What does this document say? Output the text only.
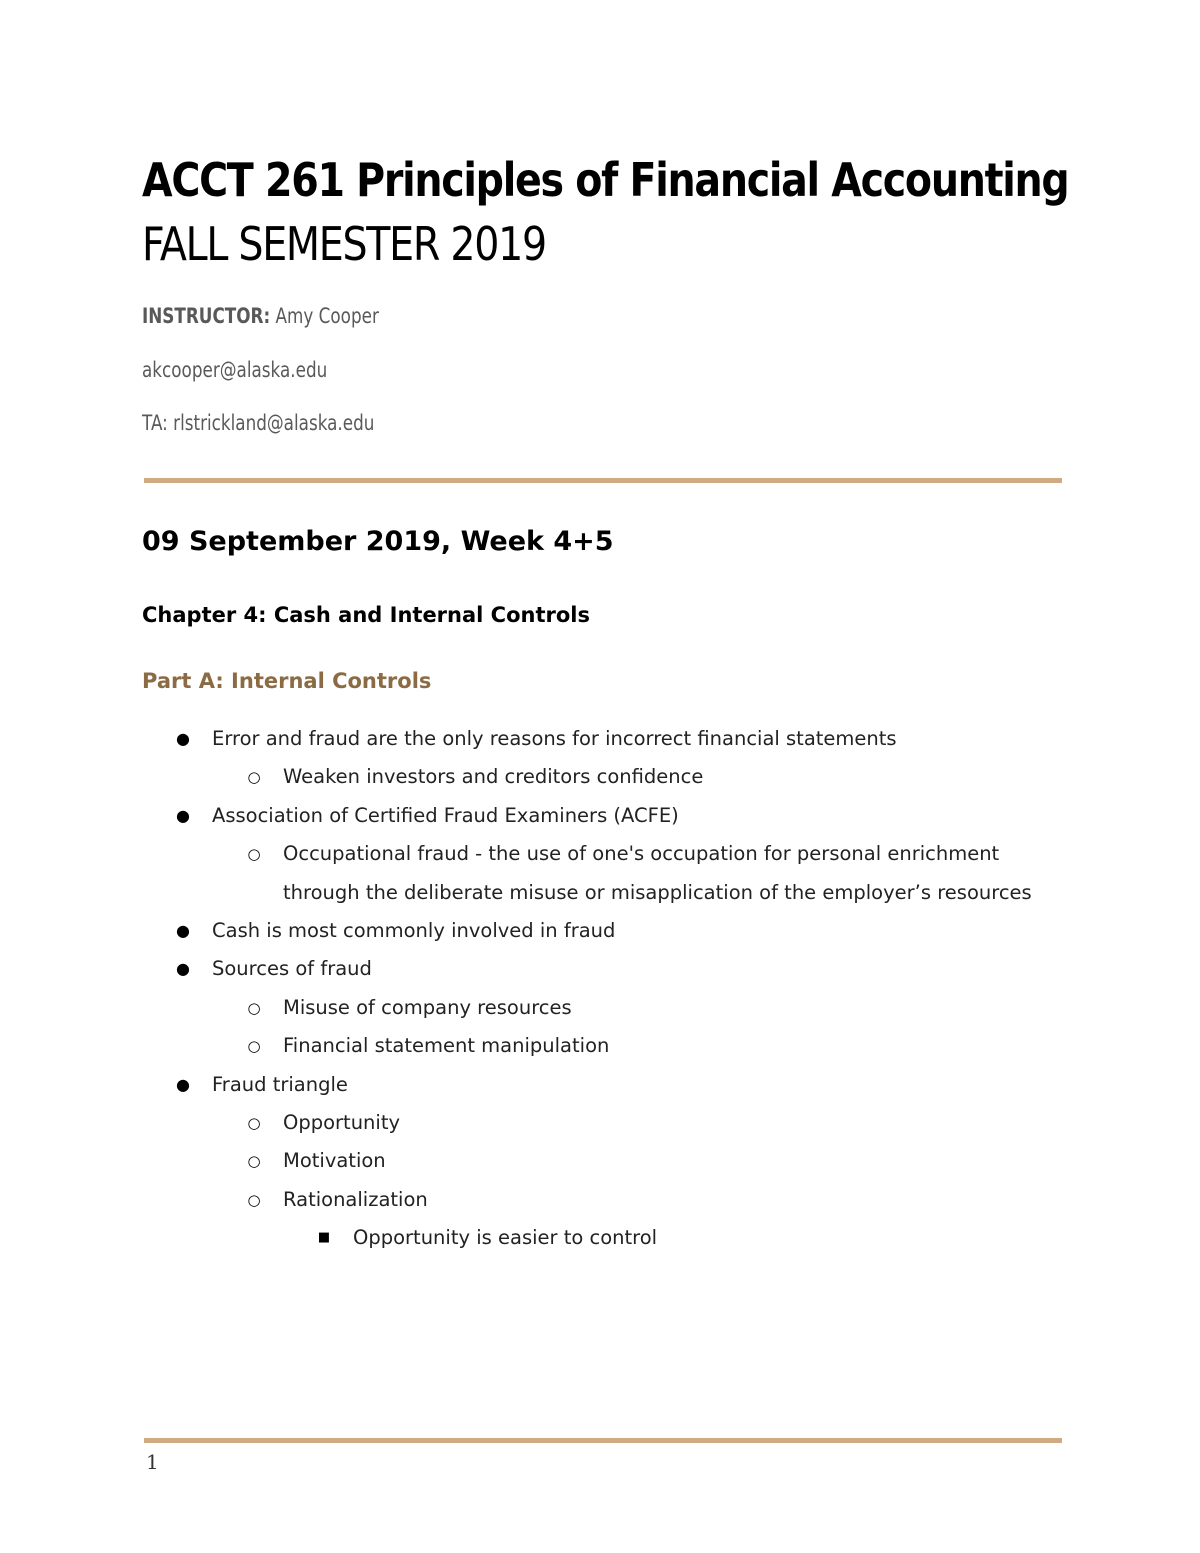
ACCT 261 Principles of Financial Accounting
FALL SEMESTER 2019

INSTRUCTOR: Amy Cooper

akcooper@alaska.edu

TA: rlstrickland@alaska.edu

09 September 2019, Week 4+5
Chapter 4: Cash and Internal Controls
Part A: Internal Controls
● Error and fraud are the only reasons for incorrect financial statements
○ Weaken investors and creditors confidence
● Association of Certified Fraud Examiners (ACFE)
○ Occupational fraud - the use of one's occupation for personal enrichment
through the deliberate misuse or misapplication of the employer’s resources
● Cash is most commonly involved in fraud
● Sources of fraud
○ Misuse of company resources
○ Financial statement manipulation
● Fraud triangle
○ Opportunity
○ Motivation
○ Rationalization
■ Opportunity is easier to control

1
